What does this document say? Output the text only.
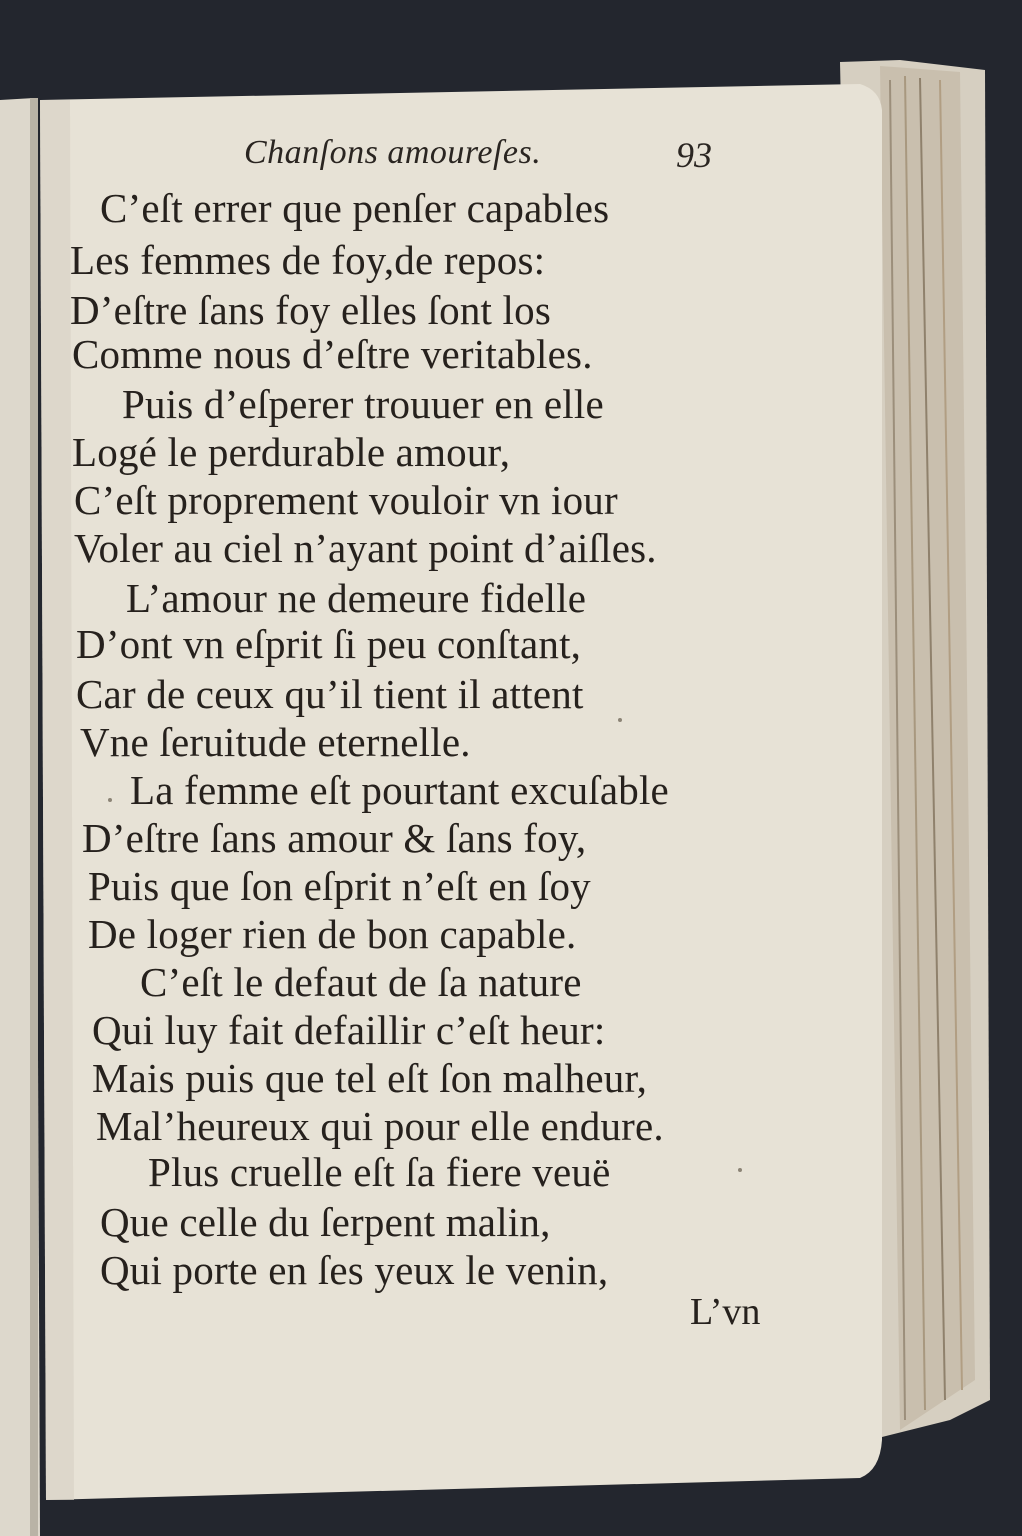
Chanſons amoureſes.	93
C’eſt errer que penſer capables
Les femmes de foy,de repos:
D’eſtre ſans foy elles ſont los
Comme nous d’eſtre veritables.
Puis d’eſperer trouuer en elle
Logé le perdurable amour,
C’eſt proprement vouloir vn iour
Voler au ciel n’ayant point d’aiſles.
L’amour ne demeure fidelle
D’ont vn eſprit ſi peu conſtant,
Car de ceux qu’il tient il attent
Vne ſeruitude eternelle.
La femme eſt pourtant excuſable
D’eſtre ſans amour & ſans foy,
Puis que ſon eſprit n’eſt en ſoy
De loger rien de bon capable.
C’eſt le defaut de ſa nature
Qui luy fait defaillir c’eſt heur:
Mais puis que tel eſt ſon malheur,
Mal’heureux qui pour elle endure.
Plus cruelle eſt ſa fiere veuë
Que celle du ſerpent malin,
Qui porte en ſes yeux le venin,
L’vn
